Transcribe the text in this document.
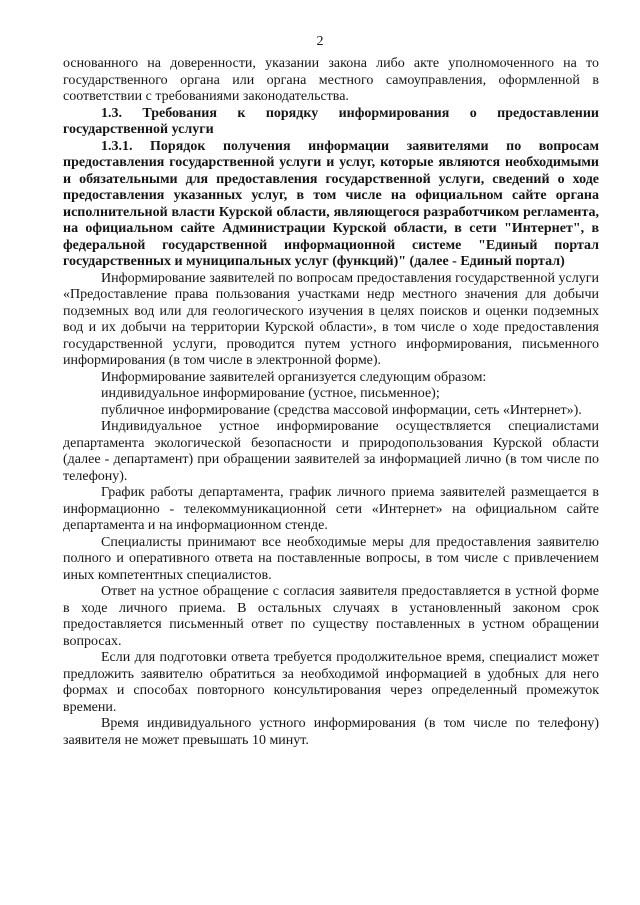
2

основанного на доверенности, указании закона либо акте уполномоченного на то государственного органа или органа местного самоуправления, оформленной в соответствии с требованиями законодательства.

1.3. Требования к порядку информирования о предоставлении государственной услуги

1.3.1. Порядок получения информации заявителями по вопросам предоставления государственной услуги и услуг, которые являются необходимыми и обязательными для предоставления государственной услуги, сведений о ходе предоставления указанных услуг, в том числе на официальном сайте органа исполнительной власти Курской области, являющегося разработчиком регламента, на официальном сайте Администрации Курской области, в сети "Интернет", в федеральной государственной информационной системе "Единый портал государственных и муниципальных услуг (функций)" (далее - Единый портал)

Информирование заявителей по вопросам предоставления государственной услуги «Предоставление права пользования участками недр местного значения для добычи подземных вод или для геологического изучения в целях поисков и оценки подземных вод и их добычи на территории Курской области», в том числе о ходе предоставления государственной услуги, проводится путем устного информирования, письменного информирования (в том числе в электронной форме).

Информирование заявителей организуется следующим образом:

индивидуальное информирование (устное, письменное);

публичное информирование (средства массовой информации, сеть «Интернет»).

Индивидуальное устное информирование осуществляется специалистами департамента экологической безопасности и природопользования Курской области (далее - департамент) при обращении заявителей за информацией лично (в том числе по телефону).

График работы департамента, график личного приема заявителей размещается в информационно - телекоммуникационной сети «Интернет» на официальном сайте департамента и на информационном стенде.

Специалисты принимают все необходимые меры для предоставления заявителю полного и оперативного ответа на поставленные вопросы, в том числе с привлечением иных компетентных специалистов.

Ответ на устное обращение с согласия заявителя предоставляется в устной форме в ходе личного приема. В остальных случаях в установленный законом срок предоставляется письменный ответ по существу поставленных в устном обращении вопросах.

Если для подготовки ответа требуется продолжительное время, специалист может предложить заявителю обратиться за необходимой информацией в удобных для него формах и способах повторного консультирования через определенный промежуток времени.

Время индивидуального устного информирования (в том числе по телефону) заявителя не может превышать 10 минут.
